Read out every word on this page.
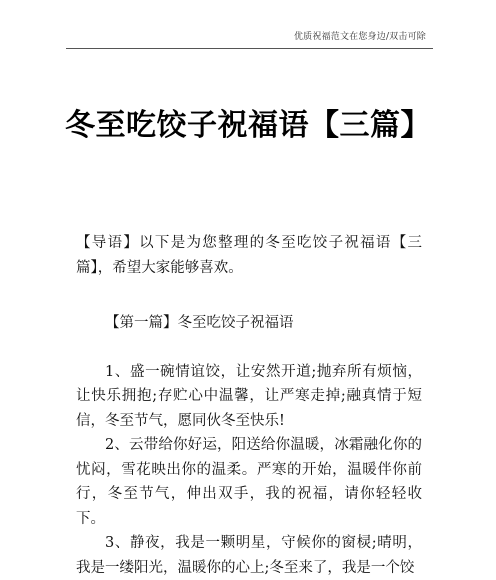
优质祝福范文在您身边/双击可除
冬至吃饺子祝福语【三篇】

【导语】以下是为您整理的冬至吃饺子祝福语【三篇】，希望大家能够喜欢。

【第一篇】冬至吃饺子祝福语

1、盛一碗情谊饺，让安然开道;抛弃所有烦恼，让快乐拥抱;存贮心中温馨，让严寒走掉;融真情于短信，冬至节气，愿同伙冬至快乐!

2、云带给你好运，阳送给你温暖，冰霜融化你的忧闷，雪花映出你的温柔。严寒的开始，温暖伴你前行，冬至节气，伸出双手，我的祝福，请你轻轻收下。

3、静夜，我是一颗明星，守候你的窗棂;晴明，我是一缕阳光，温暖你的心上;冬至来了，我是一个饺
